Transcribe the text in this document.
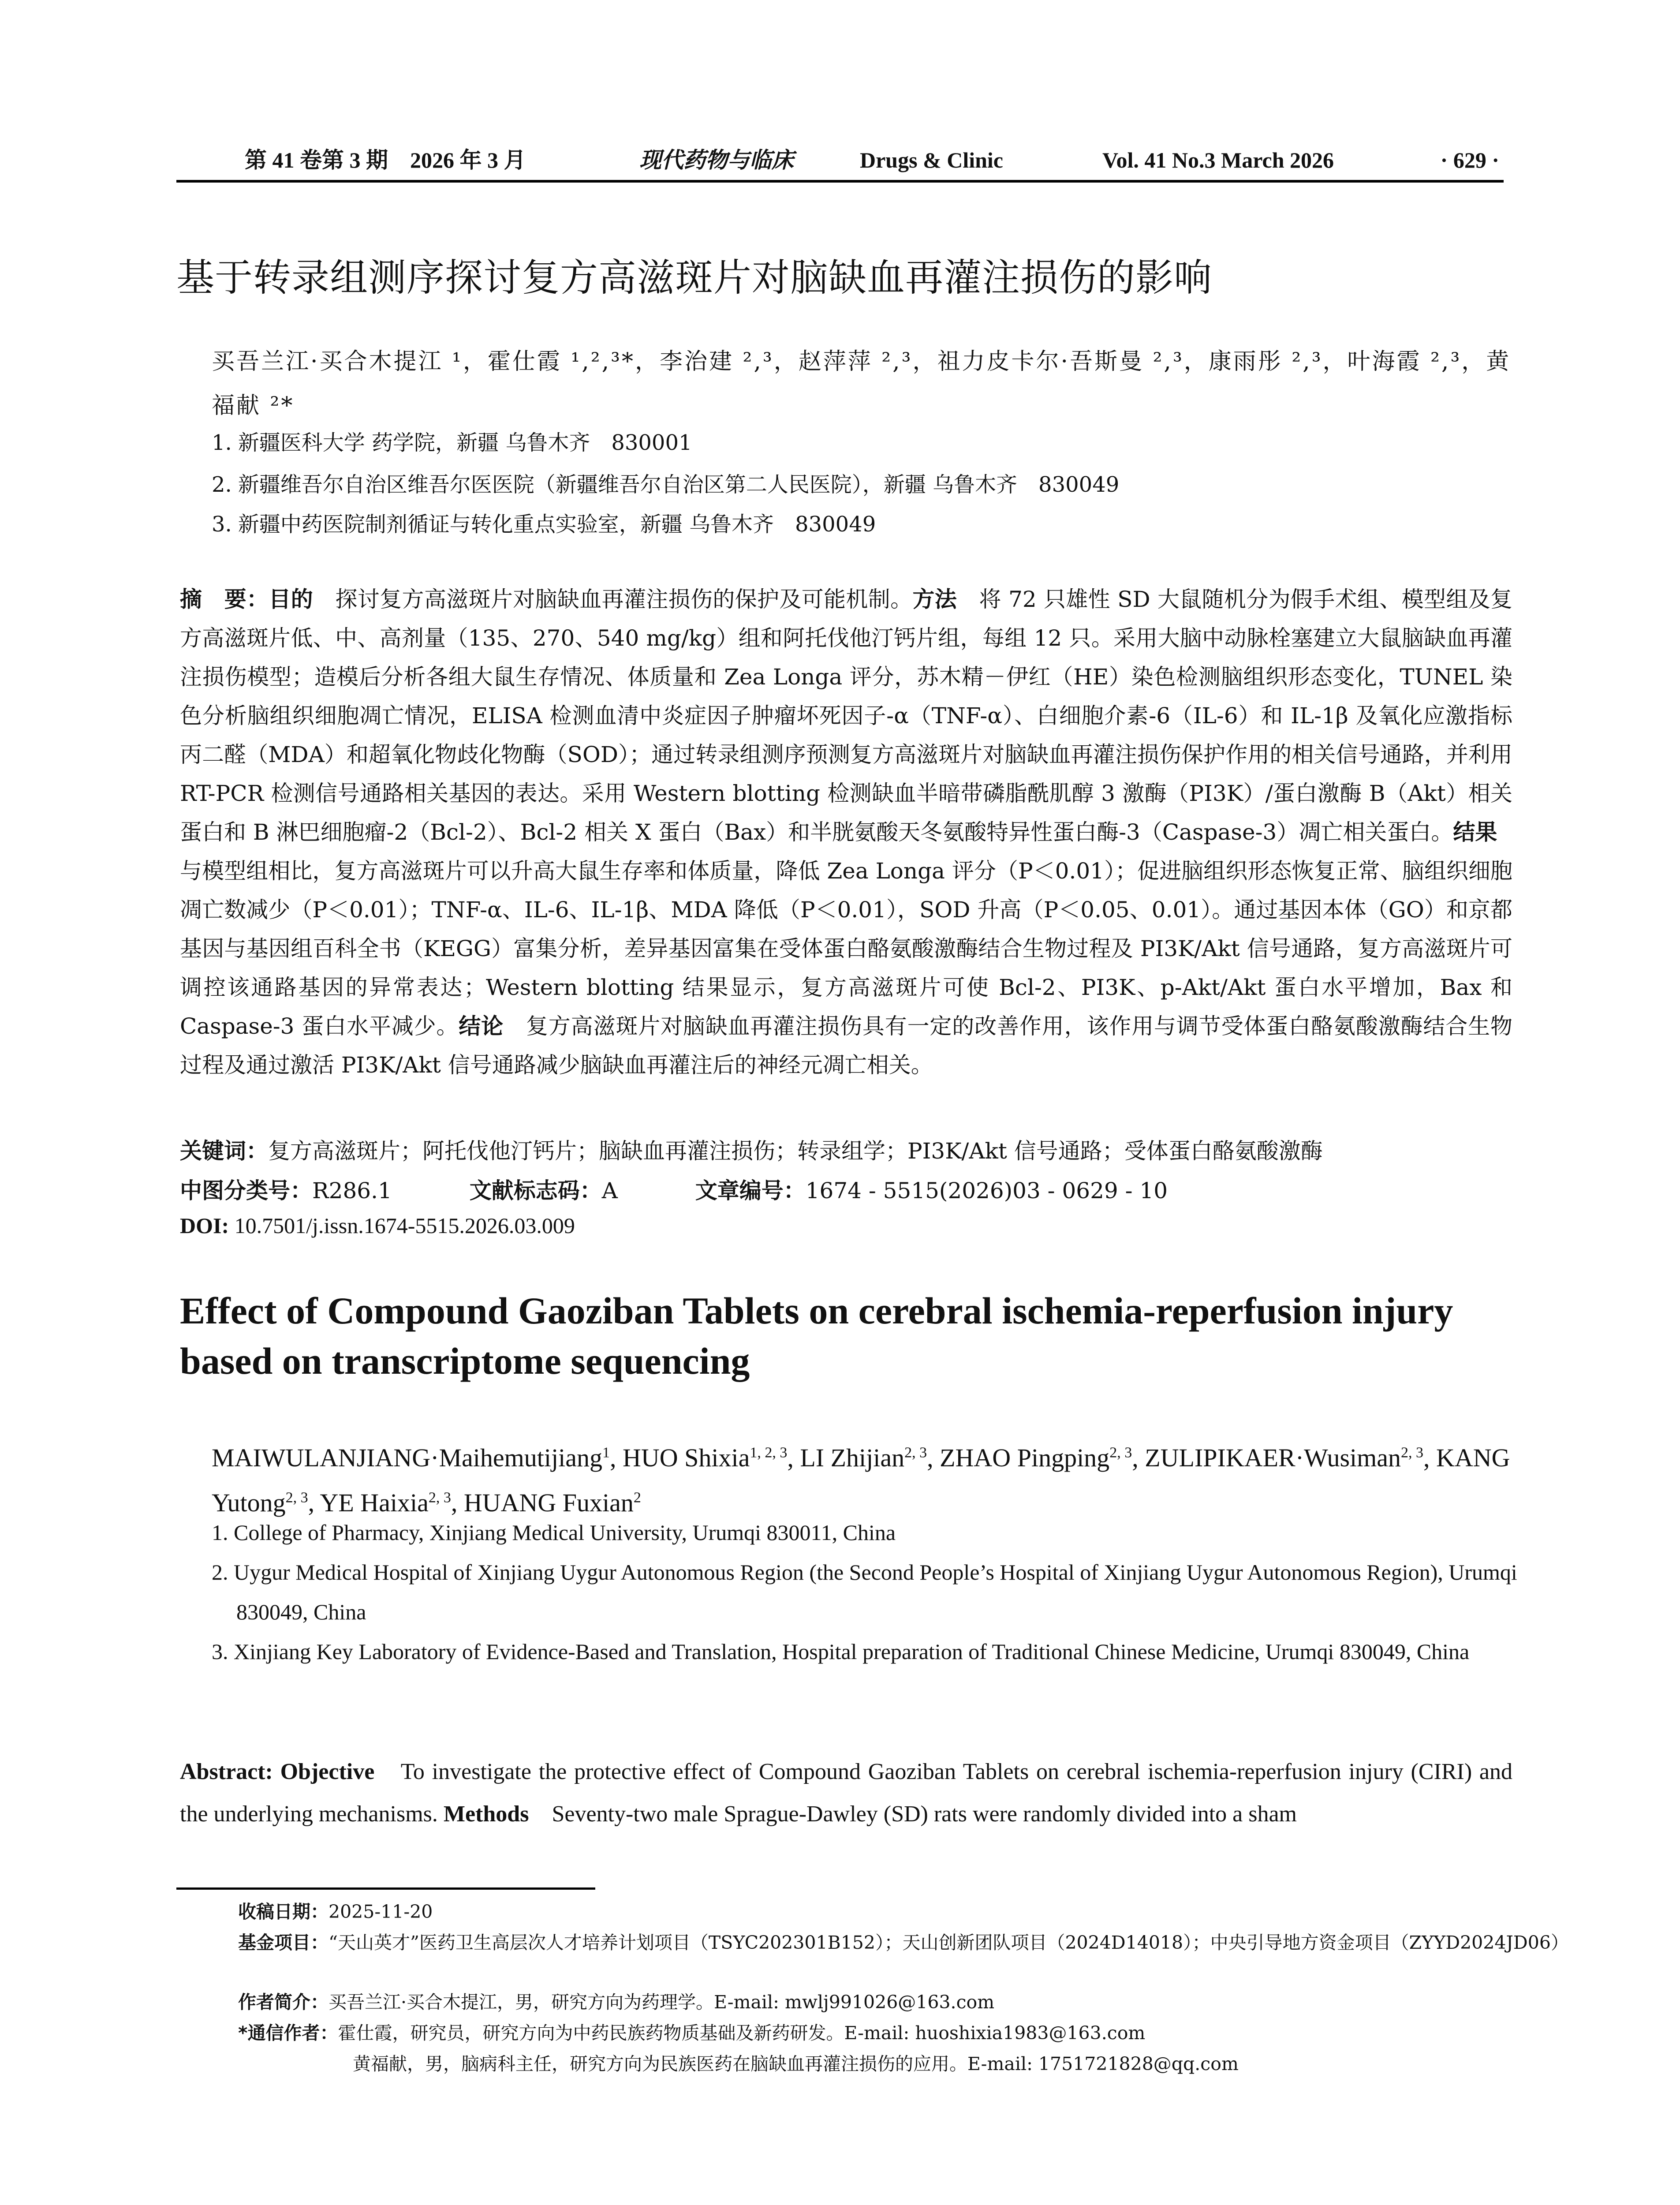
第 41 卷第 3 期　2026 年 3 月	现代药物与临床	Drugs & Clinic	Vol. 41 No.3 March 2026	· 629 ·
基于转录组测序探讨复方高滋斑片对脑缺血再灌注损伤的影响
买吾兰江·买合木提江 ¹，霍仕霞 ¹,²,³*，李治建 ²,³，赵萍萍 ²,³，祖力皮卡尔·吾斯曼 ²,³，康雨彤 ²,³，叶海霞 ²,³，黄福献 ²*
1. 新疆医科大学 药学院，新疆 乌鲁木齐　830001
2. 新疆维吾尔自治区维吾尔医医院（新疆维吾尔自治区第二人民医院），新疆 乌鲁木齐　830049
3. 新疆中药医院制剂循证与转化重点实验室，新疆 乌鲁木齐　830049
摘　要：目的　探讨复方高滋斑片对脑缺血再灌注损伤的保护及可能机制。方法　将 72 只雄性 SD 大鼠随机分为假手术组、模型组及复方高滋斑片低、中、高剂量（135、270、540 mg/kg）组和阿托伐他汀钙片组，每组 12 只。采用大脑中动脉栓塞建立大鼠脑缺血再灌注损伤模型；造模后分析各组大鼠生存情况、体质量和 Zea Longa 评分，苏木精－伊红（HE）染色检测脑组织形态变化，TUNEL 染色分析脑组织细胞凋亡情况，ELISA 检测血清中炎症因子肿瘤坏死因子-α（TNF-α）、白细胞介素-6（IL-6）和 IL-1β 及氧化应激指标丙二醛（MDA）和超氧化物歧化物酶（SOD）；通过转录组测序预测复方高滋斑片对脑缺血再灌注损伤保护作用的相关信号通路，并利用 RT-PCR 检测信号通路相关基因的表达。采用 Western blotting 检测缺血半暗带磷脂酰肌醇 3 激酶（PI3K）/蛋白激酶 B（Akt）相关蛋白和 B 淋巴细胞瘤-2（Bcl-2）、Bcl-2 相关 X 蛋白（Bax）和半胱氨酸天冬氨酸特异性蛋白酶-3（Caspase-3）凋亡相关蛋白。结果　与模型组相比，复方高滋斑片可以升高大鼠生存率和体质量，降低 Zea Longa 评分（P＜0.01）；促进脑组织形态恢复正常、脑组织细胞凋亡数减少（P＜0.01）；TNF-α、IL-6、IL-1β、MDA 降低（P＜0.01），SOD 升高（P＜0.05、0.01）。通过基因本体（GO）和京都基因与基因组百科全书（KEGG）富集分析，差异基因富集在受体蛋白酪氨酸激酶结合生物过程及 PI3K/Akt 信号通路，复方高滋斑片可调控该通路基因的异常表达；Western blotting 结果显示，复方高滋斑片可使 Bcl-2、PI3K、p-Akt/Akt 蛋白水平增加，Bax 和 Caspase-3 蛋白水平减少。结论　复方高滋斑片对脑缺血再灌注损伤具有一定的改善作用，该作用与调节受体蛋白酪氨酸激酶结合生物过程及通过激活 PI3K/Akt 信号通路减少脑缺血再灌注后的神经元凋亡相关。
关键词：复方高滋斑片；阿托伐他汀钙片；脑缺血再灌注损伤；转录组学；PI3K/Akt 信号通路；受体蛋白酪氨酸激酶
中图分类号：R286.1	文献标志码：A	文章编号：1674 - 5515(2026)03 - 0629 - 10
DOI: 10.7501/j.issn.1674-5515.2026.03.009
Effect of Compound Gaoziban Tablets on cerebral ischemia-reperfusion injury based on transcriptome sequencing
MAIWULANJIANG·Maihemutijiang$^1$, HUO Shixia$^{1, 2, 3}$, LI Zhijian$^{2, 3}$, ZHAO Pingping$^{2, 3}$, ZULIPIKAER·Wusiman$^{2, 3}$, KANG Yutong$^{2, 3}$, YE Haixia$^{2, 3}$, HUANG Fuxian$^2$
1. College of Pharmacy, Xinjiang Medical University, Urumqi 830011, China
2. Uygur Medical Hospital of Xinjiang Uygur Autonomous Region (the Second People’s Hospital of Xinjiang Uygur Autonomous Region), Urumqi 830049, China
3. Xinjiang Key Laboratory of Evidence-Based and Translation, Hospital preparation of Traditional Chinese Medicine, Urumqi 830049, China
Abstract: Objective　To investigate the protective effect of Compound Gaoziban Tablets on cerebral ischemia-reperfusion injury (CIRI) and the underlying mechanisms. Methods　Seventy-two male Sprague-Dawley (SD) rats were randomly divided into a sham
收稿日期：2025-11-20
基金项目：“天山英才”医药卫生高层次人才培养计划项目（TSYC202301B152）；天山创新团队项目（2024D14018）；中央引导地方资金项目（ZYYD2024JD06）
作者简介：买吾兰江·买合木提江，男，研究方向为药理学。E-mail: mwlj991026@163.com
*通信作者：霍仕霞，研究员，研究方向为中药民族药物质基础及新药研发。E-mail: huoshixia1983@163.com
黄福献，男，脑病科主任，研究方向为民族医药在脑缺血再灌注损伤的应用。E-mail: 1751721828@qq.com
